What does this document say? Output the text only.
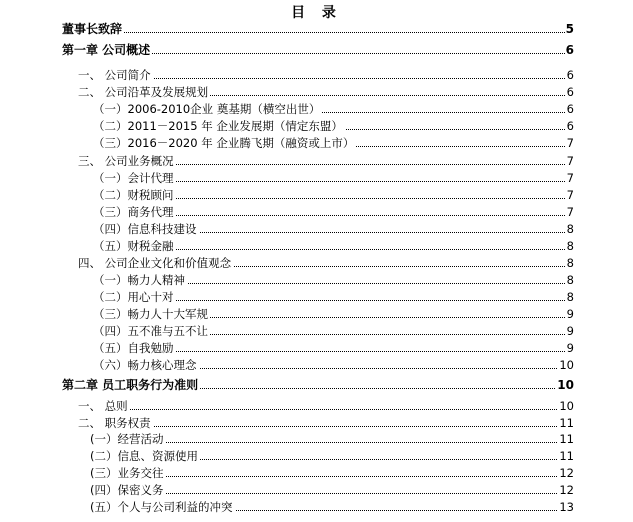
目 录
董事长致辞	5
第一章 公司概述	6
一、 公司简介	6
二、 公司沿革及发展规划	6
（一）2006-2010企业 奠基期（横空出世）	6
（二）2011－2015 年 企业发展期（情定东盟）	6
（三）2016－2020 年 企业腾飞期（融资或上市）	7
三、 公司业务概况	7
（一）会计代理	7
（二）财税顾问	7
（三）商务代理	7
（四）信息科技建设	8
（五）财税金融	8
四、 公司企业文化和价值观念	8
（一）畅力人精神	8
（二）用心十对	8
（三）畅力人十大军规	9
（四）五不准与五不让	9
（五）自我勉励	9
（六）畅力核心理念	10
第二章 员工职务行为准则	10
一、 总则	10
二、 职务权责	11
(一）经营活动	11
(二）信息、资源使用	11
(三）业务交往	12
(四）保密义务	12
(五）个人与公司利益的冲突	13
